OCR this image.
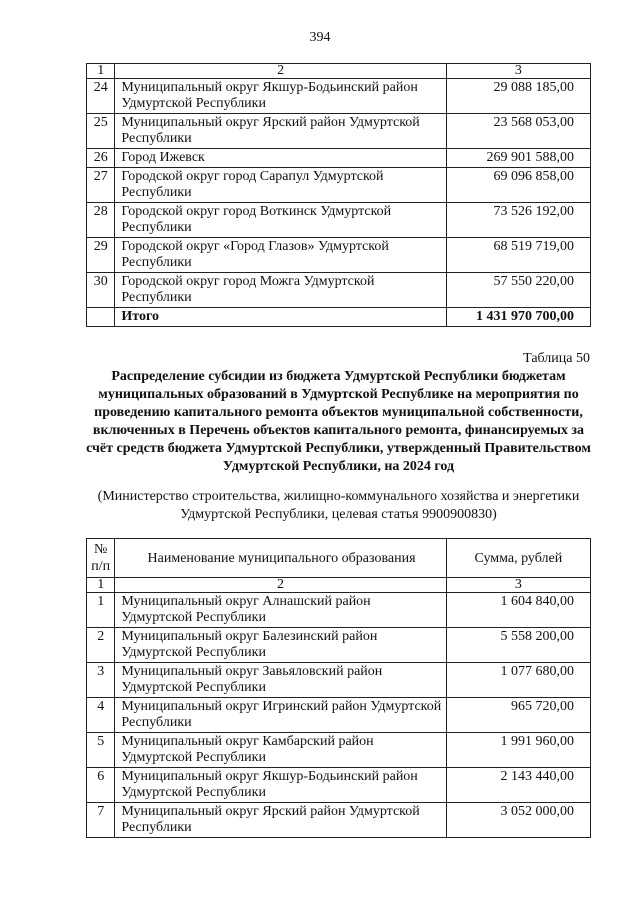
394
1	2	3
24	Муниципальный округ Якшур-Бодьинский район Удмуртской Республики	29 088 185,00
25	Муниципальный округ Ярский район Удмуртской Республики	23 568 053,00
26	Город Ижевск	269 901 588,00
27	Городской округ город Сарапул Удмуртской Республики	69 096 858,00
28	Городской округ город Воткинск Удмуртской Республики	73 526 192,00
29	Городской округ «Город Глазов» Удмуртской Республики	68 519 719,00
30	Городской округ город Можга Удмуртской Республики	57 550 220,00
	Итого	1 431 970 700,00
Таблица 50
Распределение субсидии из бюджета Удмуртской Республики бюджетам муниципальных образований в Удмуртской Республике на мероприятия по проведению капитального ремонта объектов муниципальной собственности, включенных в Перечень объектов капитального ремонта, финансируемых за счёт средств бюджета Удмуртской Республики, утвержденный Правительством Удмуртской Республики, на 2024 год
(Министерство строительства, жилищно-коммунального хозяйства и энергетики Удмуртской Республики, целевая статья 9900900830)
№ п/п	Наименование муниципального образования	Сумма, рублей
1	2	3
1	Муниципальный округ Алнашский район Удмуртской Республики	1 604 840,00
2	Муниципальный округ Балезинский район Удмуртской Республики	5 558 200,00
3	Муниципальный округ Завьяловский район Удмуртской Республики	1 077 680,00
4	Муниципальный округ Игринский район Удмуртской Республики	965 720,00
5	Муниципальный округ Камбарский район Удмуртской Республики	1 991 960,00
6	Муниципальный округ Якшур-Бодьинский район Удмуртской Республики	2 143 440,00
7	Муниципальный округ Ярский район Удмуртской Республики	3 052 000,00
